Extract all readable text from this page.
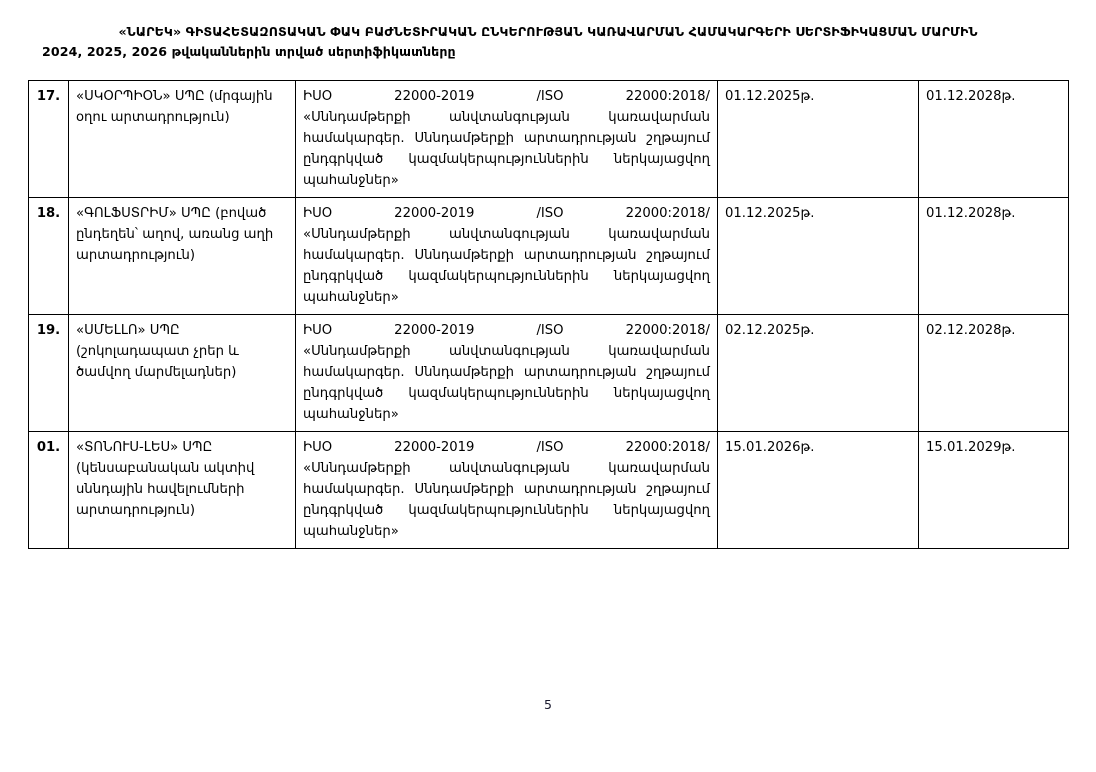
«ՆԱՐԵԿ» ԳԻՏԱՀԵՏԱԶՈՏԱԿԱՆ ՓԱԿ ԲԱԺՆԵՏԻՐԱԿԱՆ ԸՆԿԵՐՈՒԹՅԱՆ ԿԱՌԱՎԱՐՄԱՆ ՀԱՄԱԿԱՐԳԵՐԻ ՍԵՐՏԻՖԻԿԱՑՄԱՆ ՄԱՐՄԻՆ
2024, 2025, 2026 թվականներին տրված սերտիֆիկատները
17.	«ՍԿՕՐՊԻՕՆ» ՍՊԸ (մրգային օղու արտադրություն)	ԻՍՕ 22000-2019 /ISO 22000:2018/
«Սննդամթերքի անվտանգության կառավարման համակարգեր. Սննդամթերքի արտադրության շղթայում ընդգրկված կազմակերպություններին ներկայացվող պահանջներ»	01.12.2025թ.	01.12.2028թ.
18.	«ԳՈԼՖՍՏՐԻՄ» ՍՊԸ (բոված ընդեղեն՝ աղով, առանց աղի արտադրություն)	ԻՍՕ 22000-2019 /ISO 22000:2018/
«Սննդամթերքի անվտանգության կառավարման համակարգեր. Սննդամթերքի արտադրության շղթայում ընդգրկված կազմակերպություններին ներկայացվող պահանջներ»	01.12.2025թ.	01.12.2028թ.
19.	«ՍՄԵԼԼՈ» ՍՊԸ (շոկոլադապատ չրեր և ծամվող մարմելադներ)	ԻՍՕ 22000-2019 /ISO 22000:2018/
«Սննդամթերքի անվտանգության կառավարման համակարգեր. Սննդամթերքի արտադրության շղթայում ընդգրկված կազմակերպություններին ներկայացվող պահանջներ»	02.12.2025թ.	02.12.2028թ.
01.	«ՏՈՆՈՒՍ-ԼԵՍ» ՍՊԸ (կենսաբանական ակտիվ սննդային հավելումների արտադրություն)	ԻՍՕ 22000-2019 /ISO 22000:2018/
«Սննդամթերքի անվտանգության կառավարման համակարգեր. Սննդամթերքի արտադրության շղթայում ընդգրկված կազմակերպություններին ներկայացվող պահանջներ»	15.01.2026թ.	15.01.2029թ.
5
